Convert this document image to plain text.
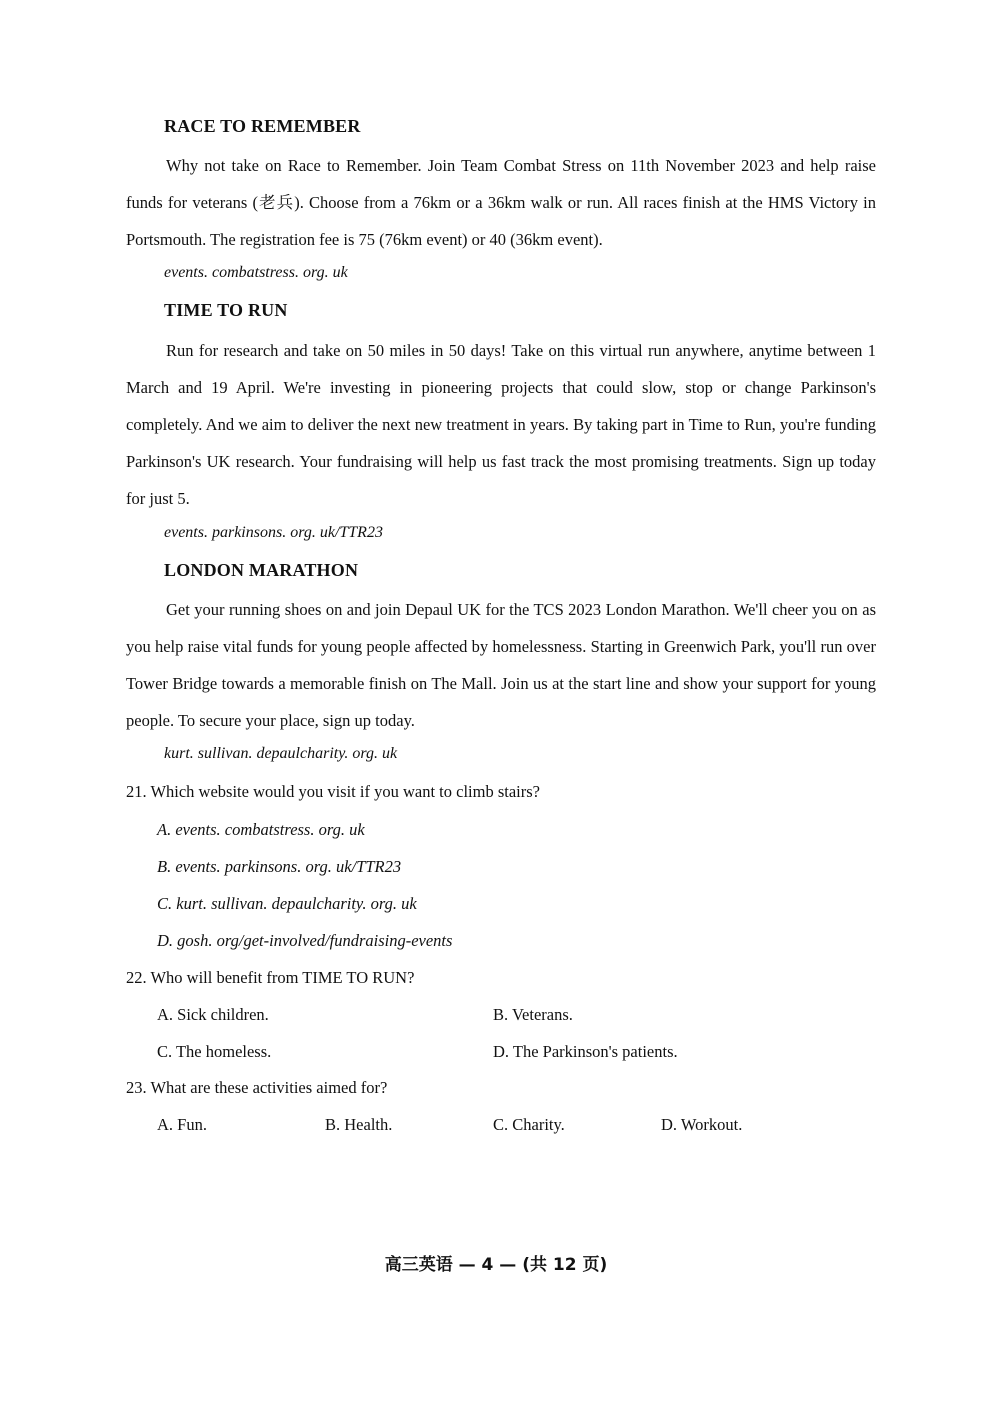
RACE TO REMEMBER
Why not take on Race to Remember. Join Team Combat Stress on 11th November 2023 and help raise funds for veterans (老兵). Choose from a 76km or a 36km walk or run. All races finish at the HMS Victory in Portsmouth. The registration fee is 75 (76km event) or 40 (36km event).
events. combatstress. org. uk
TIME TO RUN
Run for research and take on 50 miles in 50 days! Take on this virtual run anywhere, anytime between 1 March and 19 April. We're investing in pioneering projects that could slow, stop or change Parkinson's completely. And we aim to deliver the next new treatment in years. By taking part in Time to Run, you're funding Parkinson's UK research. Your fundraising will help us fast track the most promising treatments. Sign up today for just 5.
events. parkinsons. org. uk/TTR23
LONDON MARATHON
Get your running shoes on and join Depaul UK for the TCS 2023 London Marathon. We'll cheer you on as you help raise vital funds for young people affected by homelessness. Starting in Greenwich Park, you'll run over Tower Bridge towards a memorable finish on The Mall. Join us at the start line and show your support for young people. To secure your place, sign up today.
kurt. sullivan. depaulcharity. org. uk
21. Which website would you visit if you want to climb stairs?
A. events. combatstress. org. uk
B. events. parkinsons. org. uk/TTR23
C. kurt. sullivan. depaulcharity. org. uk
D. gosh. org/get-involved/fundraising-events
22. Who will benefit from TIME TO RUN?
A. Sick children.	B. Veterans.
C. The homeless.	D. The Parkinson's patients.
23. What are these activities aimed for?
A. Fun.	B. Health.	C. Charity.	D. Workout.
高三英语 — 4 — (共 12 页)
